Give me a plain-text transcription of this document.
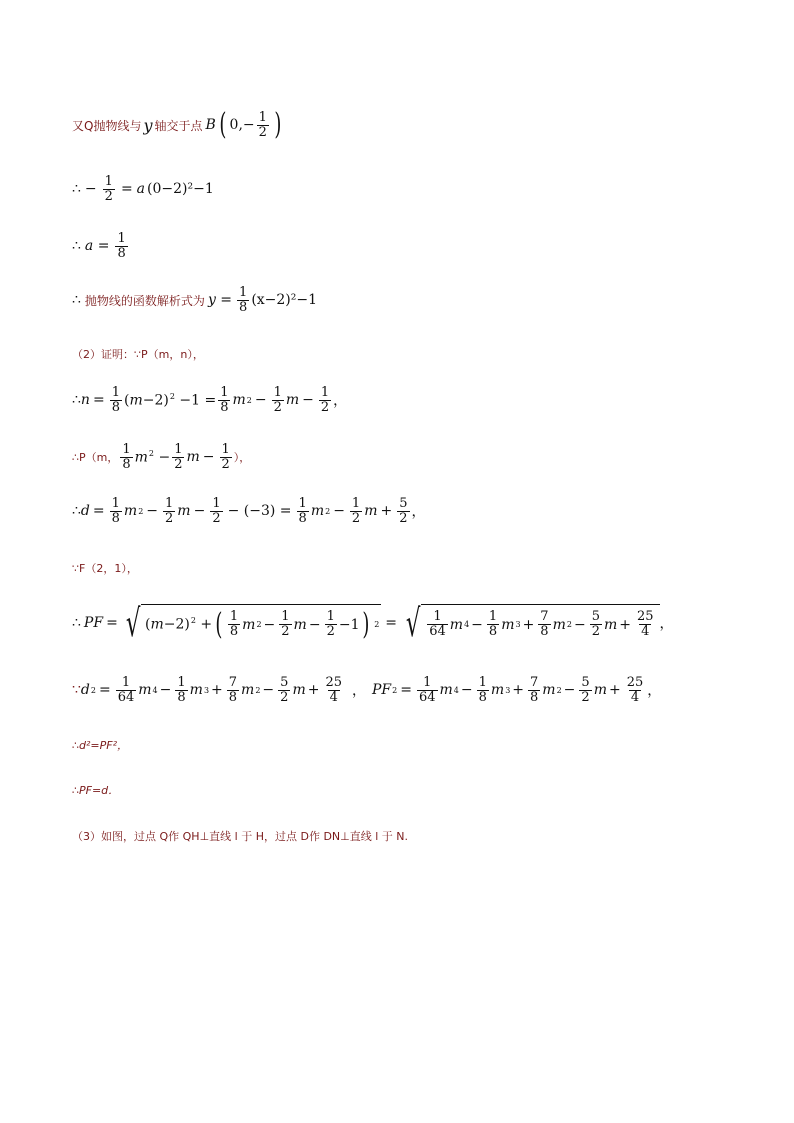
又Q抛物线与 y 轴交于点 B ( $0,- \frac{1}{2}$ )
∴ − $\frac{1}{2} = a$ (0−2)²−1
∴ $a = \frac{1}{8}$
∴ 抛物线的函数解析式为 $y = \frac{1}{8} (x-2)^2-1$
（2）证明：∵P（m，n），
∴ $n = \frac{1}{8} (m-2)^2 -1 = \frac{1}{8}$ m $2 - \frac{1}{2}$ $m - \frac{1}{2}$ ，
∴P（m， $\frac{1}{8} m^2 - \frac{1}{2}$ $m - \frac{1}{2}$ ），
∴ $d = \frac{1}{8}$ m $2 - \frac{1}{2}$ $m - \frac{1}{2} - (-3) = \frac{1}{8}$ m $2 - \frac{1}{2}$ $m + \frac{5}{2}$ ，
∵F（2，1），
∴ PF = √ $(m-2)^2$ + ( $\frac{1}{8}$ m $2 - \frac{1}{2}$ $m - \frac{1}{2} -1$ ) 2 = √ $\frac{1}{64}$ m $4 - \frac{1}{8}$ m $3 + \frac{7}{8}$ m $2 - \frac{5}{2}$ $m + \frac{25}{4}$ ，
∵ d $2 = \frac{1}{64}$ m $4 - \frac{1}{8}$ m $3 + \frac{7}{8}$ m $2 - \frac{5}{2}$ $m + \frac{25}{4}$ ， PF $2 = \frac{1}{64}$ m $4 - \frac{1}{8}$ m $3 + \frac{7}{8}$ m $2 - \frac{5}{2}$ $m + \frac{25}{4}$ ，
∴d²=PF²，
∴PF=d．
（3）如图，过点 Q作 QH⊥直线 l 于 H，过点 D作 DN⊥直线 l 于 N.
